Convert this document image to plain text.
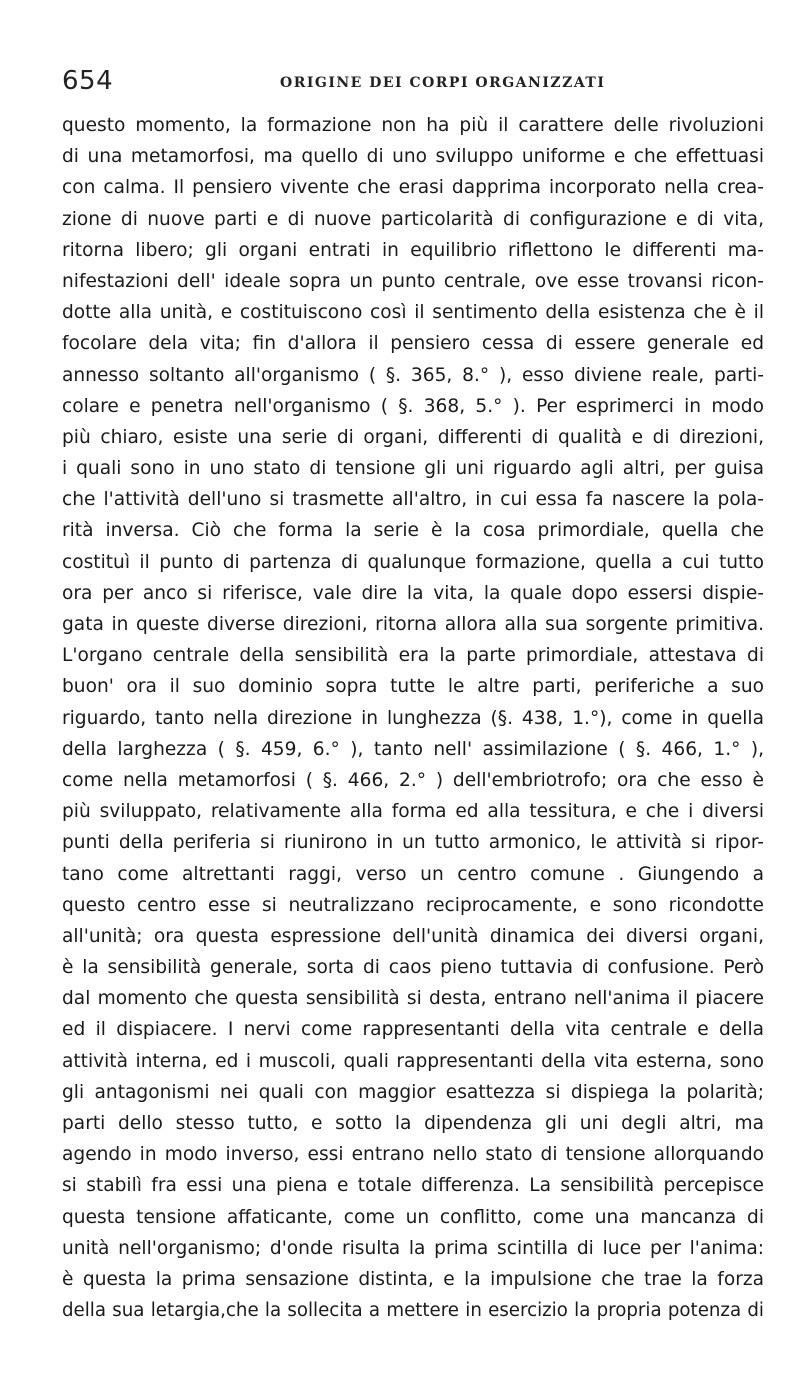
654	ORIGINE DEI CORPI ORGANIZZATI
questo momento, la formazione non ha più il carattere delle rivoluzioni
di una metamorfosi, ma quello di uno sviluppo uniforme e che effettuasi
con calma. Il pensiero vivente che erasi dapprima incorporato nella crea-
zione di nuove parti e di nuove particolarità di configurazione e di vita,
ritorna libero; gli organi entrati in equilibrio riflettono le differenti ma-
nifestazioni dell' ideale sopra un punto centrale, ove esse trovansi ricon-
dotte alla unità, e costituiscono così il sentimento della esistenza che è il
focolare dela vita; fin d'allora il pensiero cessa di essere generale ed
annesso soltanto all'organismo ( §. 365, 8.° ), esso diviene reale, parti-
colare e penetra nell'organismo ( §. 368, 5.° ). Per esprimerci in modo
più chiaro, esiste una serie di organi, differenti di qualità e di direzioni,
i quali sono in uno stato di tensione gli uni riguardo agli altri, per guisa
che l'attività dell'uno si trasmette all'altro, in cui essa fa nascere la pola-
rità inversa. Ciò che forma la serie è la cosa primordiale, quella che
costituì il punto di partenza di qualunque formazione, quella a cui tutto
ora per anco si riferisce, vale dire la vita, la quale dopo essersi dispie-
gata in queste diverse direzioni, ritorna allora alla sua sorgente primitiva.
L'organo centrale della sensibilità era la parte primordiale, attestava di
buon' ora il suo dominio sopra tutte le altre parti, periferiche a suo
riguardo, tanto nella direzione in lunghezza (§. 438, 1.°), come in quella
della larghezza ( §. 459, 6.° ), tanto nell' assimilazione ( §. 466, 1.° ),
come nella metamorfosi ( §. 466, 2.° ) dell'embriotrofo; ora che esso è
più sviluppato, relativamente alla forma ed alla tessitura, e che i diversi
punti della periferia si riunirono in un tutto armonico, le attività si ripor-
tano come altrettanti raggi, verso un centro comune . Giungendo a
questo centro esse si neutralizzano reciprocamente, e sono ricondotte
all'unità; ora questa espressione dell'unità dinamica dei diversi organi,
è la sensibilità generale, sorta di caos pieno tuttavia di confusione. Però
dal momento che questa sensibilità si desta, entrano nell'anima il piacere
ed il dispiacere. I nervi come rappresentanti della vita centrale e della
attività interna, ed i muscoli, quali rappresentanti della vita esterna, sono
gli antagonismi nei quali con maggior esattezza si dispiega la polarità;
parti dello stesso tutto, e sotto la dipendenza gli uni degli altri, ma
agendo in modo inverso, essi entrano nello stato di tensione allorquando
si stabilì fra essi una piena e totale differenza. La sensibilità percepisce
questa tensione affaticante, come un conflitto, come una mancanza di
unità nell'organismo; d'onde risulta la prima scintilla di luce per l'anima:
è questa la prima sensazione distinta, e la impulsione che trae la forza
della sua letargia,che la sollecita a mettere in esercizio la propria potenza di
